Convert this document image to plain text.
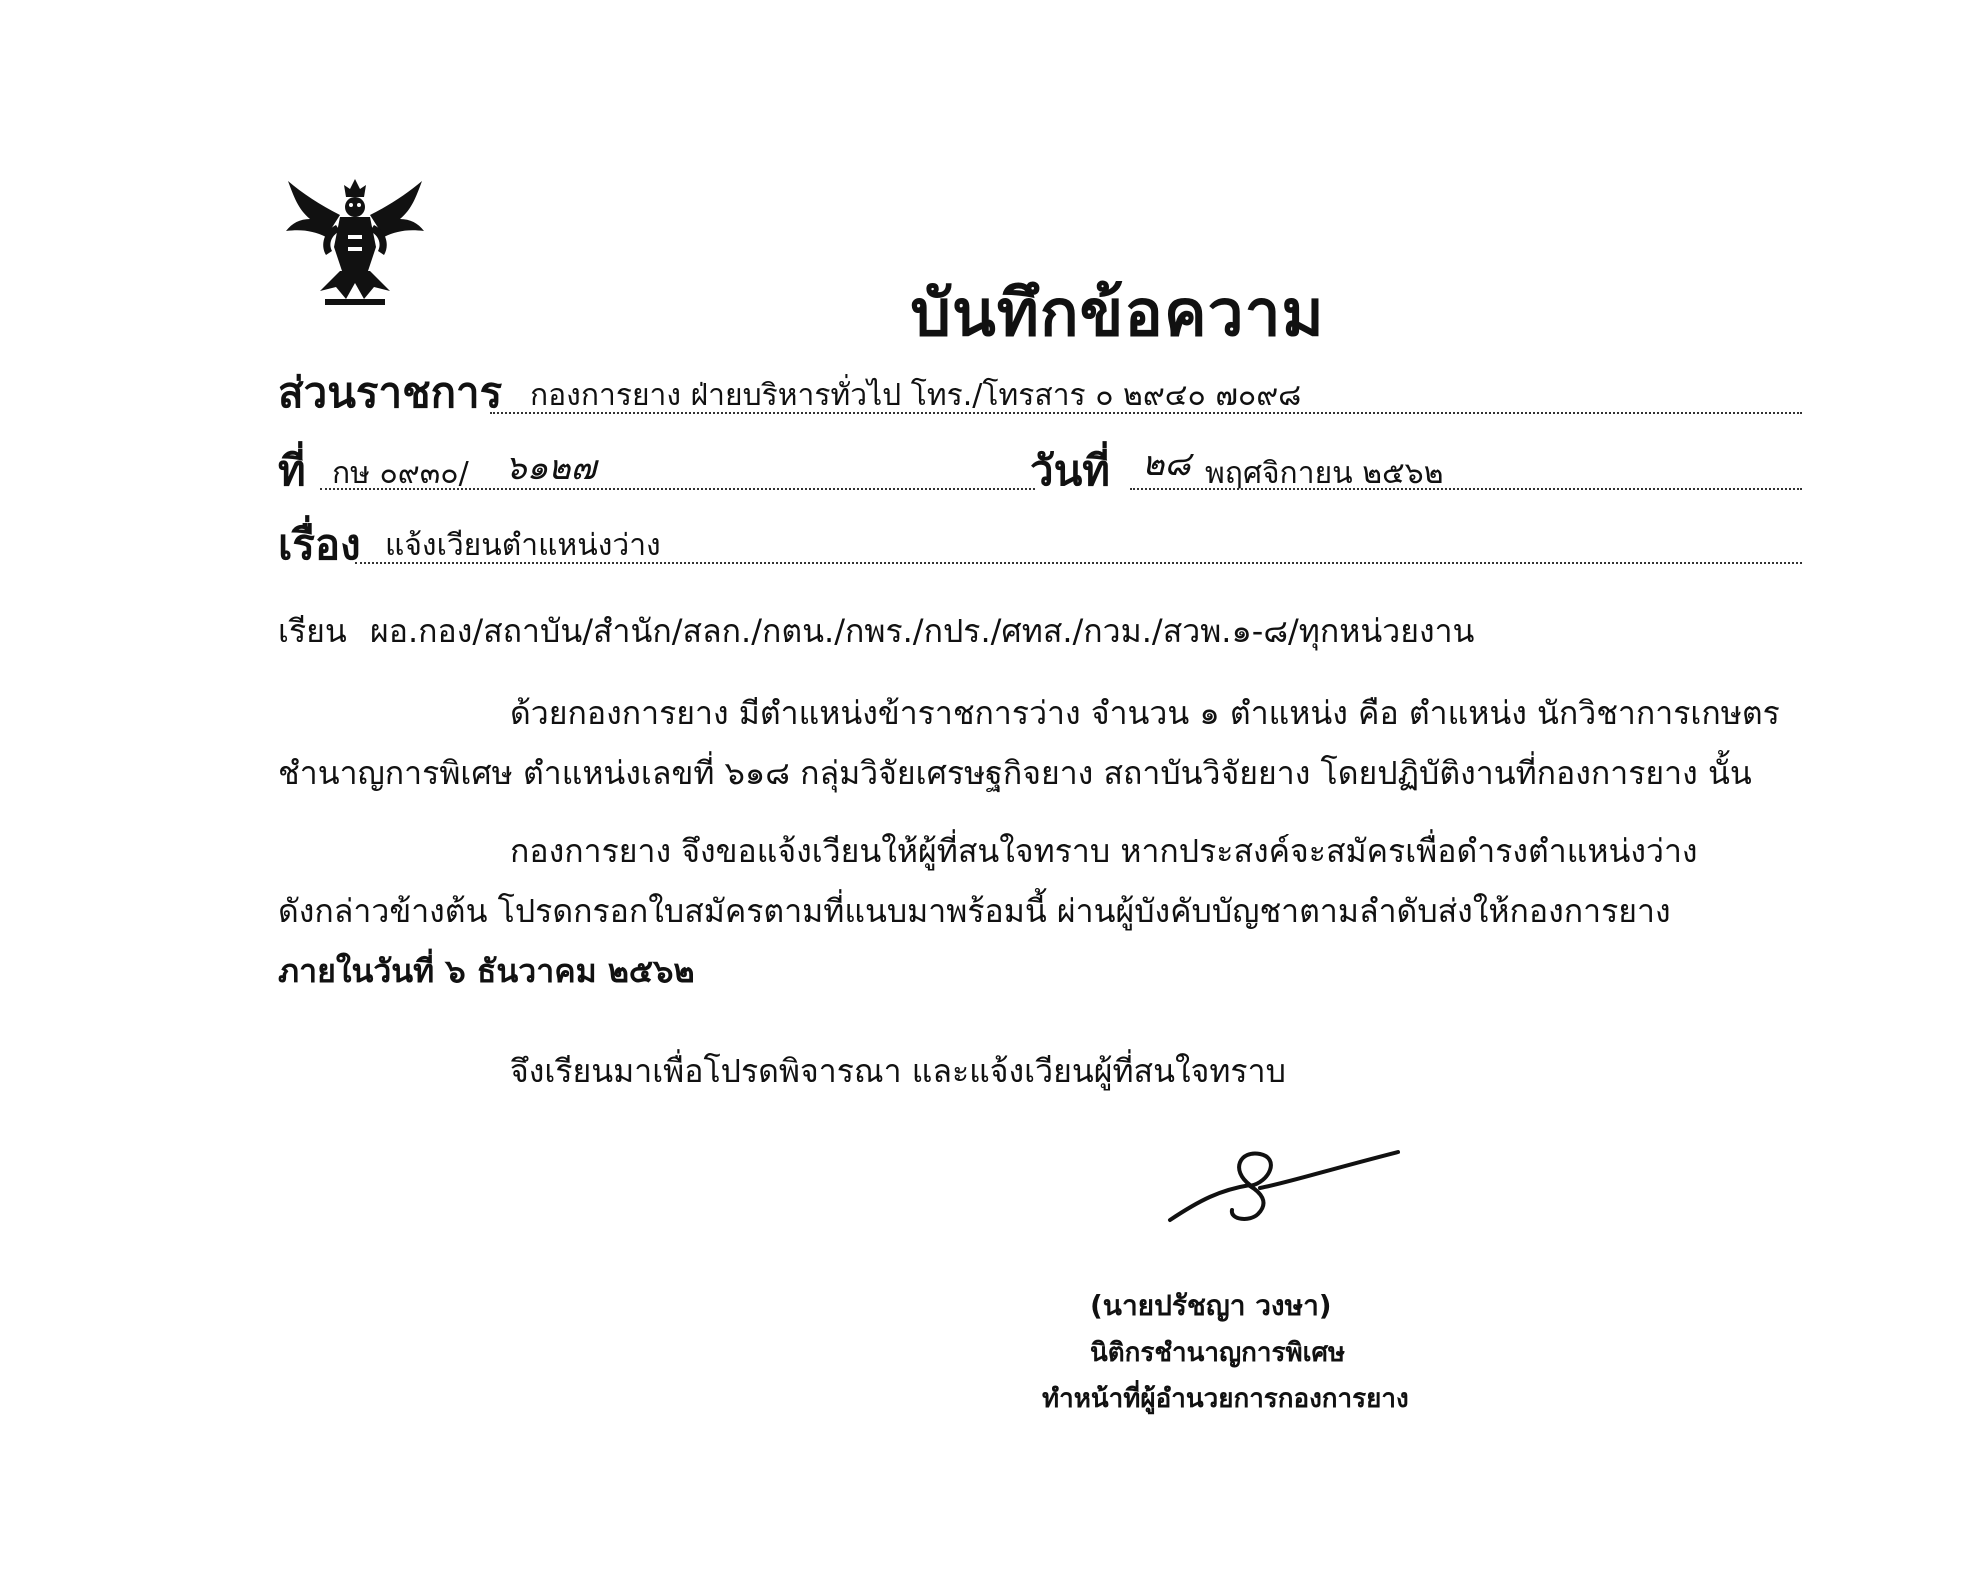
บันทึกข้อความ
ส่วนราชการ กองการยาง ฝ่ายบริหารทั่วไป โทร./โทรสาร ๐ ๒๙๔๐ ๗๐๙๘
ที่ กษ ๐๙๓๐/ ๖๑๒๗	วันที่ ๒๘ พฤศจิกายน ๒๕๖๒
เรื่อง แจ้งเวียนตำแหน่งว่าง
เรียน ผอ.กอง/สถาบัน/สำนัก/สลก./กตน./กพร./กปร./ศทส./กวม./สวพ.๑-๘/ทุกหน่วยงาน
ด้วยกองการยาง มีตำแหน่งข้าราชการว่าง จำนวน ๑ ตำแหน่ง คือ ตำแหน่ง นักวิชาการเกษตร
ชำนาญการพิเศษ ตำแหน่งเลขที่ ๖๑๘ กลุ่มวิจัยเศรษฐกิจยาง สถาบันวิจัยยาง โดยปฏิบัติงานที่กองการยาง นั้น
กองการยาง จึงขอแจ้งเวียนให้ผู้ที่สนใจทราบ หากประสงค์จะสมัครเพื่อดำรงตำแหน่งว่าง
ดังกล่าวข้างต้น โปรดกรอกใบสมัครตามที่แนบมาพร้อมนี้ ผ่านผู้บังคับบัญชาตามลำดับส่งให้กองการยาง
ภายในวันที่ ๖ ธันวาคม ๒๕๖๒
จึงเรียนมาเพื่อโปรดพิจารณา และแจ้งเวียนผู้ที่สนใจทราบ
(นายปรัชญา วงษา)
นิติกรชำนาญการพิเศษ
ทำหน้าที่ผู้อำนวยการกองการยาง
